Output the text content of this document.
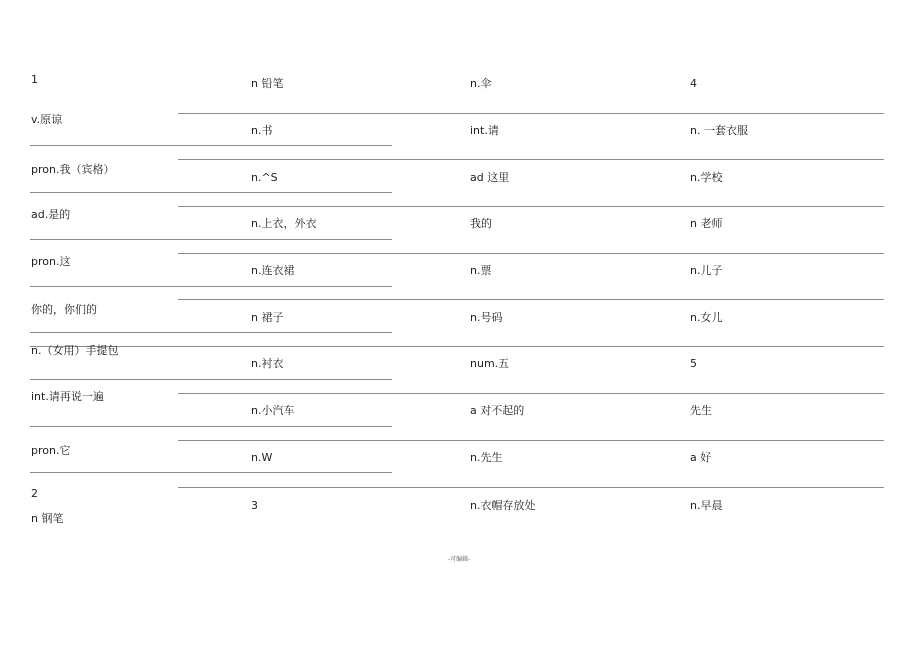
1
v.原谅
pron.我（宾格）
ad.是的
pron.这
你的，你们的
n.（女用）手提包
int.请再说一遍
pron.它
2
n 钢笔
n 铅笔
n.书
n.^S
n.上衣，外衣
n.连衣裙
n 裙子
n.衬衣
n.小汽车
n.W
3
n.伞
int.请
ad 这里
我的
n.票
n.号码
num.五
a 对不起的
n.先生
n.衣帽存放处
4
n. 一套衣服
n.学校
n 老师
n.儿子
n.女儿
5
先生
a 好
n.早晨
-可编辑-
